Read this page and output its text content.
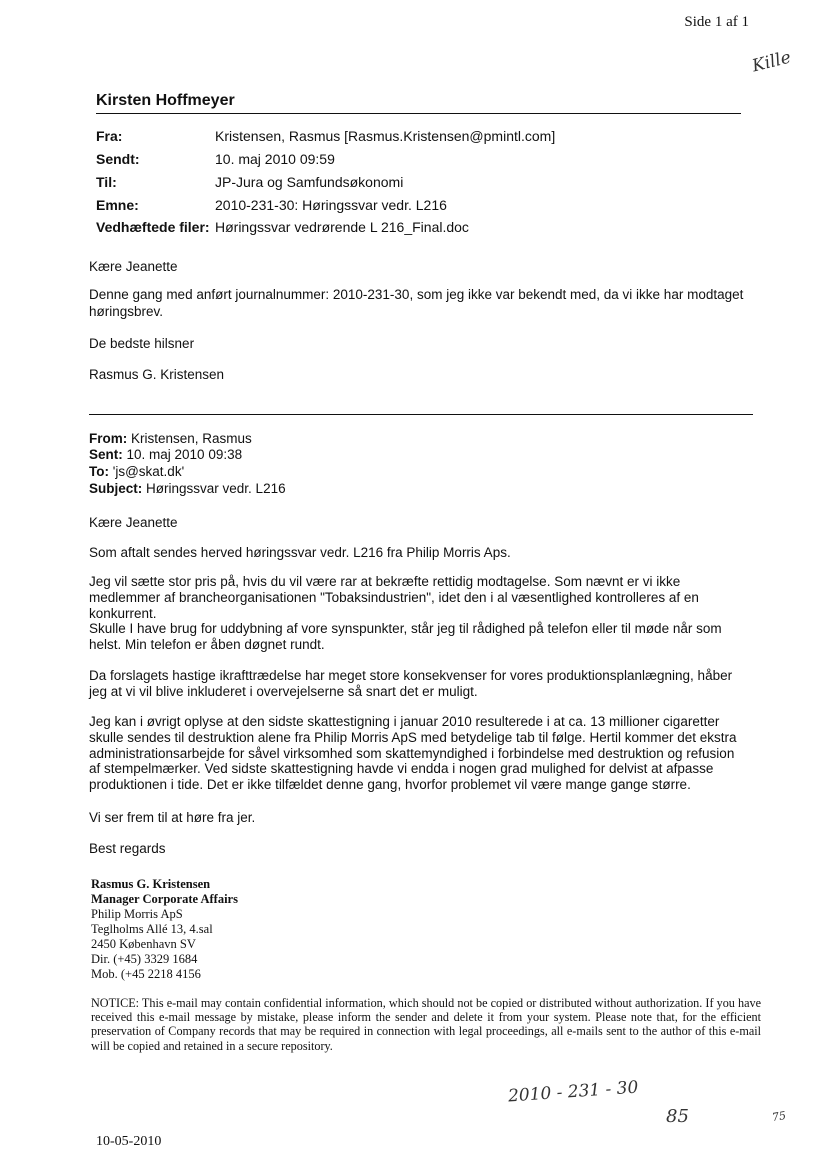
Side 1 af 1
Kille
Kirsten Hoffmeyer
Fra:	Kristensen, Rasmus [Rasmus.Kristensen@pmintl.com]
Sendt:	10. maj 2010 09:59
Til:	JP-Jura og Samfundsøkonomi
Emne:	2010-231-30: Høringssvar vedr. L216
Vedhæftede filer: Høringssvar vedrørende L 216_Final.doc
Kære Jeanette
Denne gang med anført journalnummer: 2010-231-30, som jeg ikke var bekendt med, da vi ikke har modtaget
høringsbrev.
De bedste hilsner
Rasmus G. Kristensen
From: Kristensen, Rasmus
Sent: 10. maj 2010 09:38
To: 'js@skat.dk'
Subject: Høringssvar vedr. L216
Kære Jeanette
Som aftalt sendes herved høringssvar vedr. L216 fra Philip Morris Aps.
Jeg vil sætte stor pris på, hvis du vil være rar at bekræfte rettidig modtagelse. Som nævnt er vi ikke
medlemmer af brancheorganisationen "Tobaksindustrien", idet den i al væsentlighed kontrolleres af en
konkurrent.
Skulle I have brug for uddybning af vore synspunkter, står jeg til rådighed på telefon eller til møde når som
helst. Min telefon er åben døgnet rundt.
Da forslagets hastige ikrafttrædelse har meget store konsekvenser for vores produktionsplanlægning, håber
jeg at vi vil blive inkluderet i overvejelserne så snart det er muligt.
Jeg kan i øvrigt oplyse at den sidste skattestigning i januar 2010 resulterede i at ca. 13 millioner cigaretter
skulle sendes til destruktion alene fra Philip Morris ApS med betydelige tab til følge. Hertil kommer det ekstra
administrationsarbejde for såvel virksomhed som skattemyndighed i forbindelse med destruktion og refusion
af stempelmærker. Ved sidste skattestigning havde vi endda i nogen grad mulighed for delvist at afpasse
produktionen i tide. Det er ikke tilfældet denne gang, hvorfor problemet vil være mange gange større.
Vi ser frem til at høre fra jer.
Best regards
Rasmus G. Kristensen
Manager Corporate Affairs
Philip Morris ApS
Teglholms Allé 13, 4.sal
2450 København SV
Dir. (+45) 3329 1684
Mob. (+45 2218 4156
NOTICE: This e-mail may contain confidential information, which should not be copied or distributed without authorization. If you have received this e-mail message by mistake, please inform the sender and delete it from your system. Please note that, for the efficient preservation of Company records that may be required in connection with legal proceedings, all e-mails sent to the author of this e-mail will be copied and retained in a secure repository.
2010 - 231 - 30
85	75
10-05-2010
